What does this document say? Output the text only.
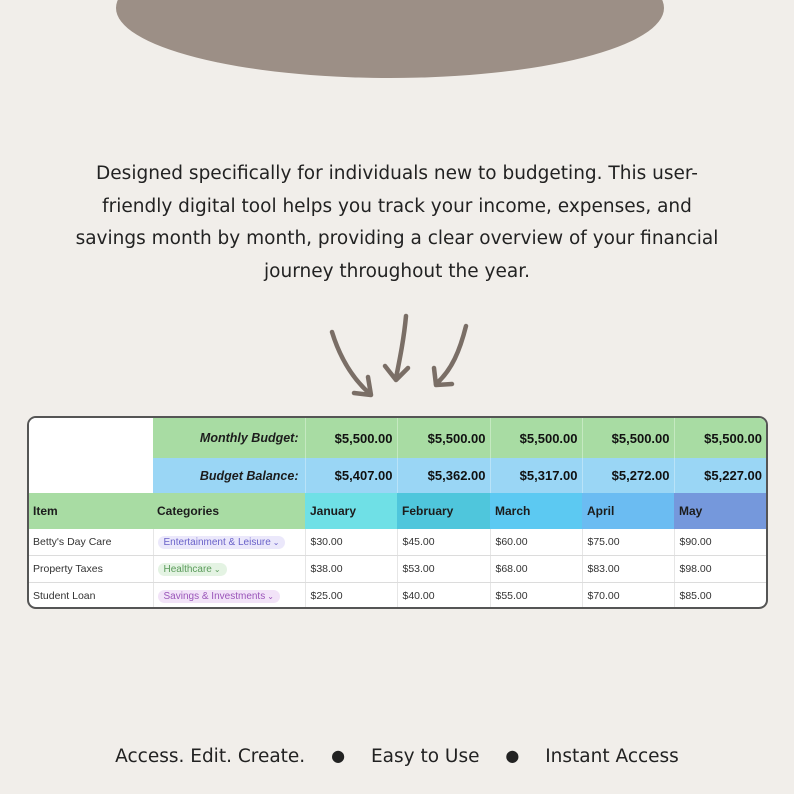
Designed specifically for individuals new to budgeting. This user-
friendly digital tool helps you track your income, expenses, and
savings month by month, providing a clear overview of your financial
journey throughout the year.
	Monthly Budget:	$5,500.00	$5,500.00	$5,500.00	$5,500.00	$5,500.00
	Budget Balance:	$5,407.00	$5,362.00	$5,317.00	$5,272.00	$5,227.00
Item	Categories	January	February	March	April	May
Betty's Day Care	Entertainment & Leisure ⌄	$30.00	$45.00	$60.00	$75.00	$90.00
Property Taxes	Healthcare ⌄	$38.00	$53.00	$68.00	$83.00	$98.00
Student Loan	Savings & Investments ⌄	$25.00	$40.00	$55.00	$70.00	$85.00
Access. Edit. Create. ● Easy to Use ● Instant Access
